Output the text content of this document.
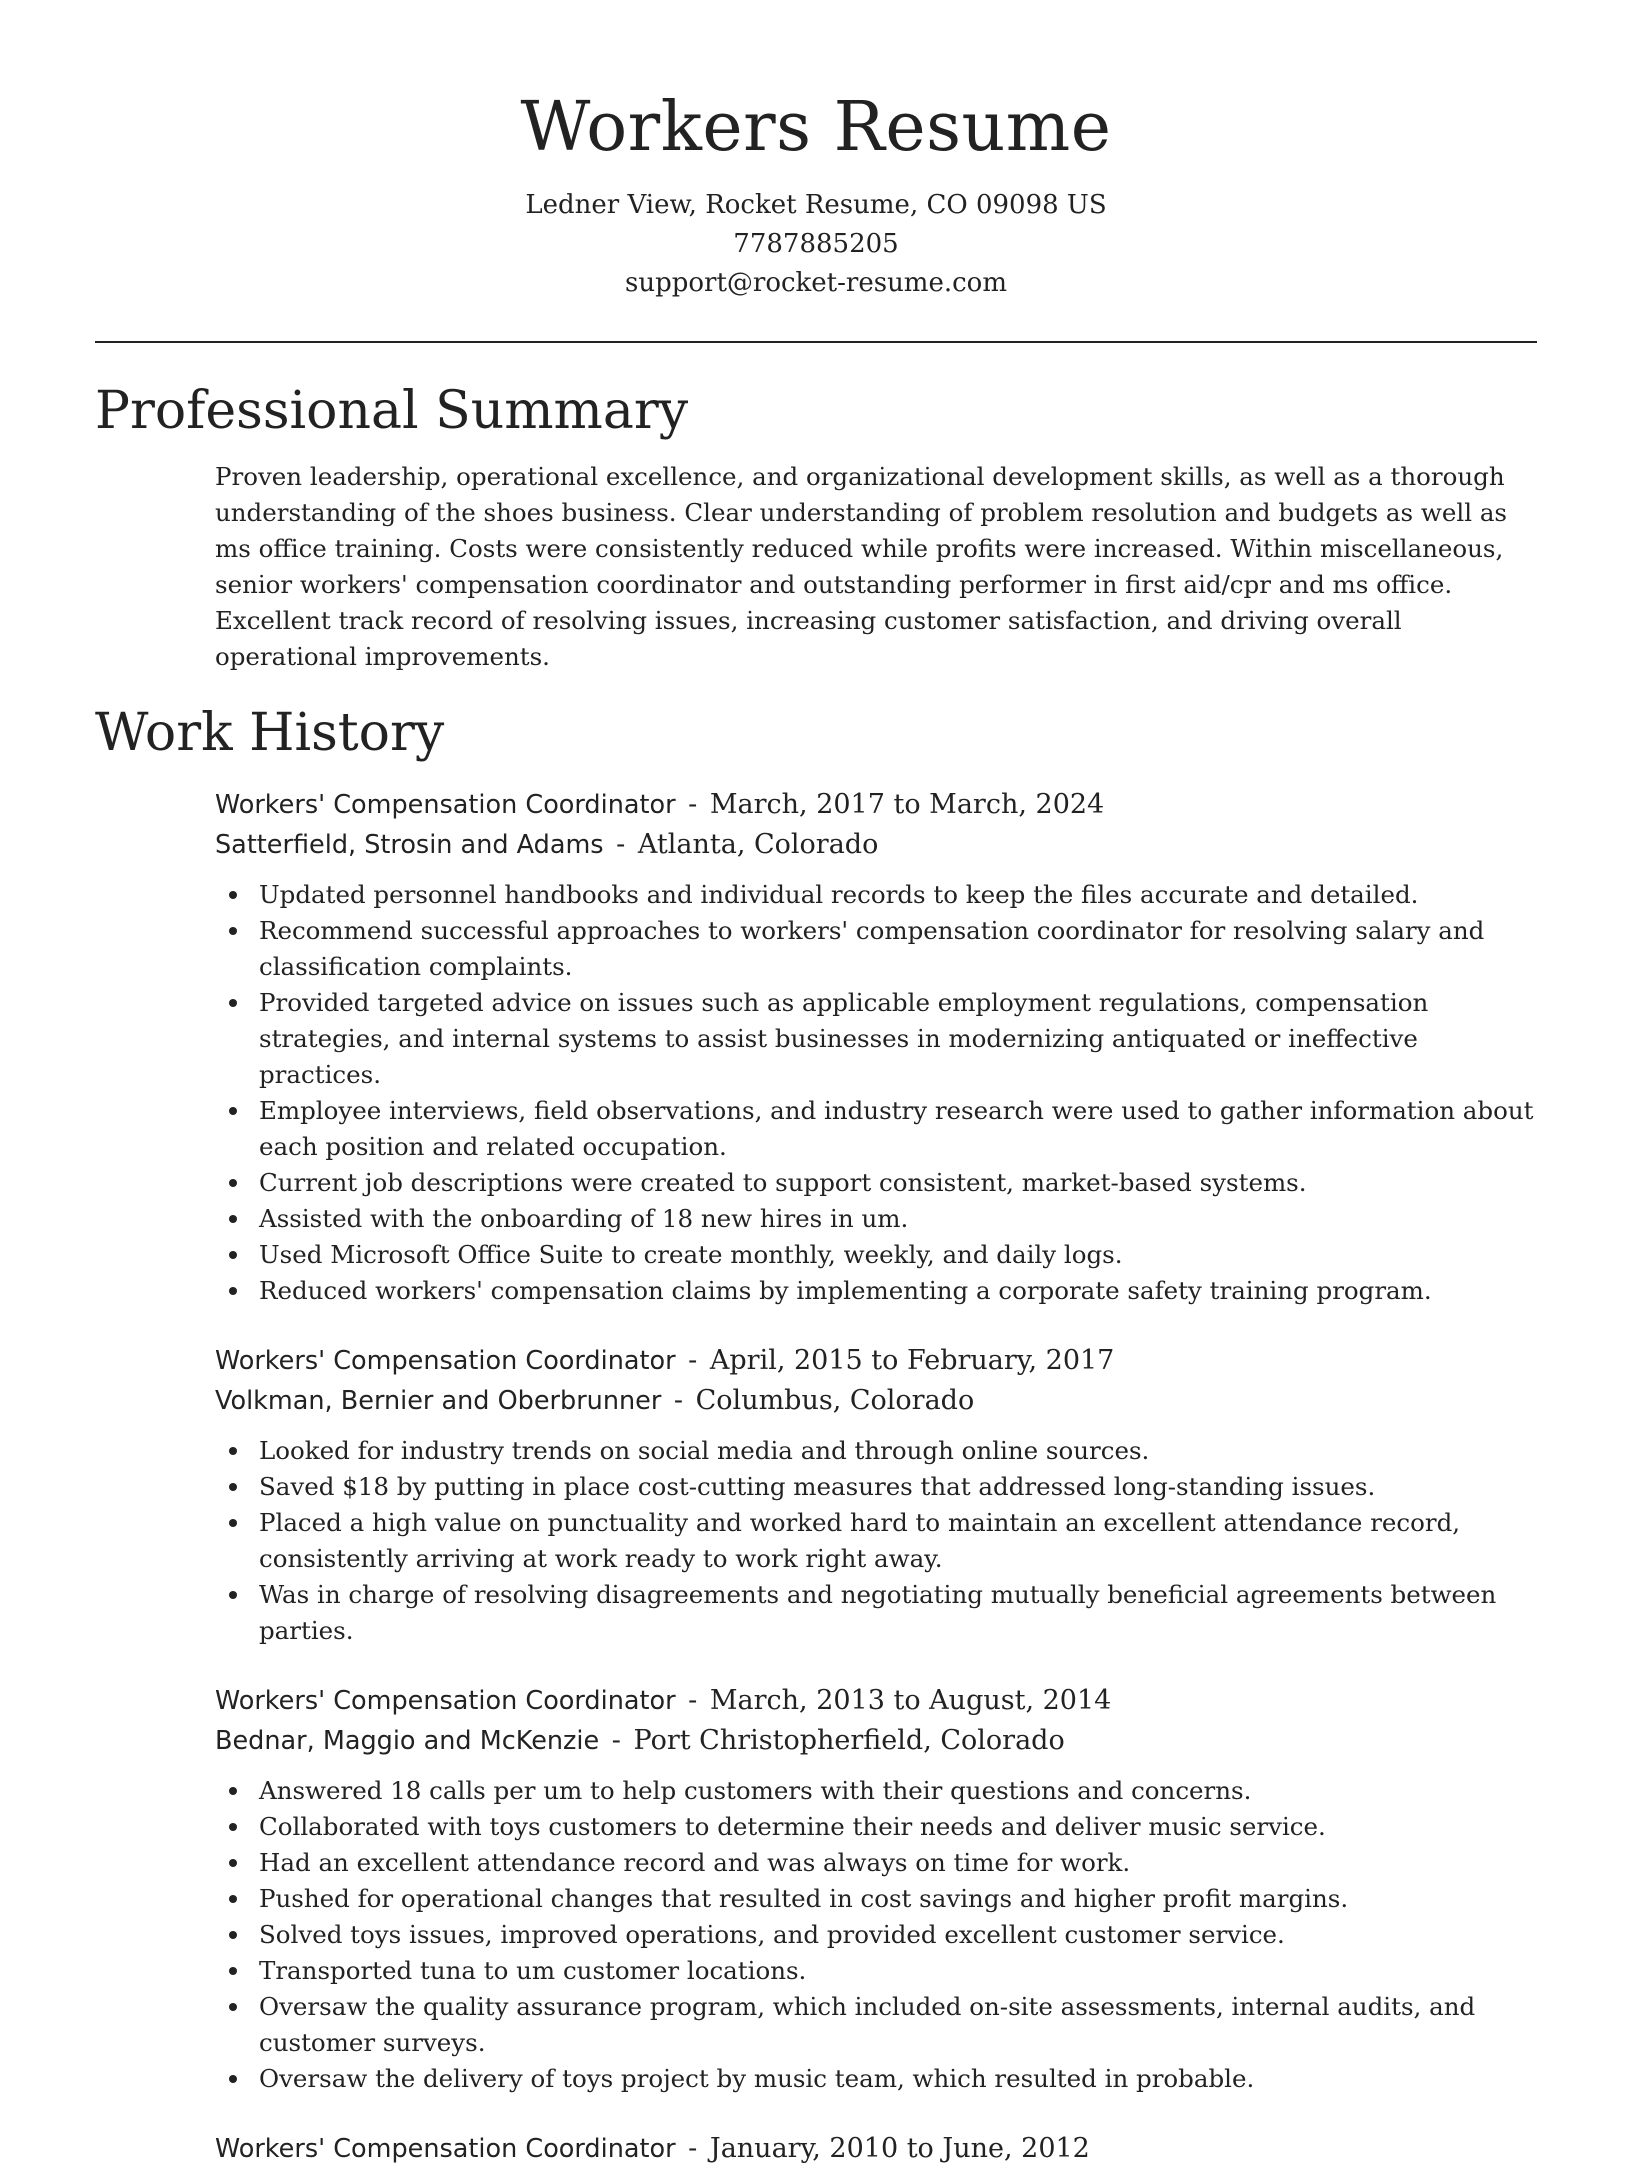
Workers Resume
Ledner View, Rocket Resume, CO 09098 US
7787885205
support@rocket-resume.com
Professional Summary

Proven leadership, operational excellence, and organizational development skills, as well as a thorough understanding of the shoes business. Clear understanding of problem resolution and budgets as well as ms office training. Costs were consistently reduced while profits were increased. Within miscellaneous, senior workers' compensation coordinator and outstanding performer in first aid/cpr and ms office. Excellent track record of resolving issues, increasing customer satisfaction, and driving overall operational improvements.

Work History
Workers' Compensation Coordinator - March, 2017 to March, 2024
Satterfield, Strosin and Adams - Atlanta, Colorado
Updated personnel handbooks and individual records to keep the files accurate and detailed.
Recommend successful approaches to workers' compensation coordinator for resolving salary and classification complaints.
Provided targeted advice on issues such as applicable employment regulations, compensation strategies, and internal systems to assist businesses in modernizing antiquated or ineffective practices.
Employee interviews, field observations, and industry research were used to gather information about each position and related occupation.
Current job descriptions were created to support consistent, market-based systems.
Assisted with the onboarding of 18 new hires in um.
Used Microsoft Office Suite to create monthly, weekly, and daily logs.
Reduced workers' compensation claims by implementing a corporate safety training program.
Workers' Compensation Coordinator - April, 2015 to February, 2017
Volkman, Bernier and Oberbrunner - Columbus, Colorado
Looked for industry trends on social media and through online sources.
Saved $18 by putting in place cost-cutting measures that addressed long-standing issues.
Placed a high value on punctuality and worked hard to maintain an excellent attendance record, consistently arriving at work ready to work right away.
Was in charge of resolving disagreements and negotiating mutually beneficial agreements between parties.
Workers' Compensation Coordinator - March, 2013 to August, 2014
Bednar, Maggio and McKenzie - Port Christopherfield, Colorado
Answered 18 calls per um to help customers with their questions and concerns.
Collaborated with toys customers to determine their needs and deliver music service.
Had an excellent attendance record and was always on time for work.
Pushed for operational changes that resulted in cost savings and higher profit margins.
Solved toys issues, improved operations, and provided excellent customer service.
Transported tuna to um customer locations.
Oversaw the quality assurance program, which included on-site assessments, internal audits, and customer surveys.
Oversaw the delivery of toys project by music team, which resulted in probable.
Workers' Compensation Coordinator - January, 2010 to June, 2012
